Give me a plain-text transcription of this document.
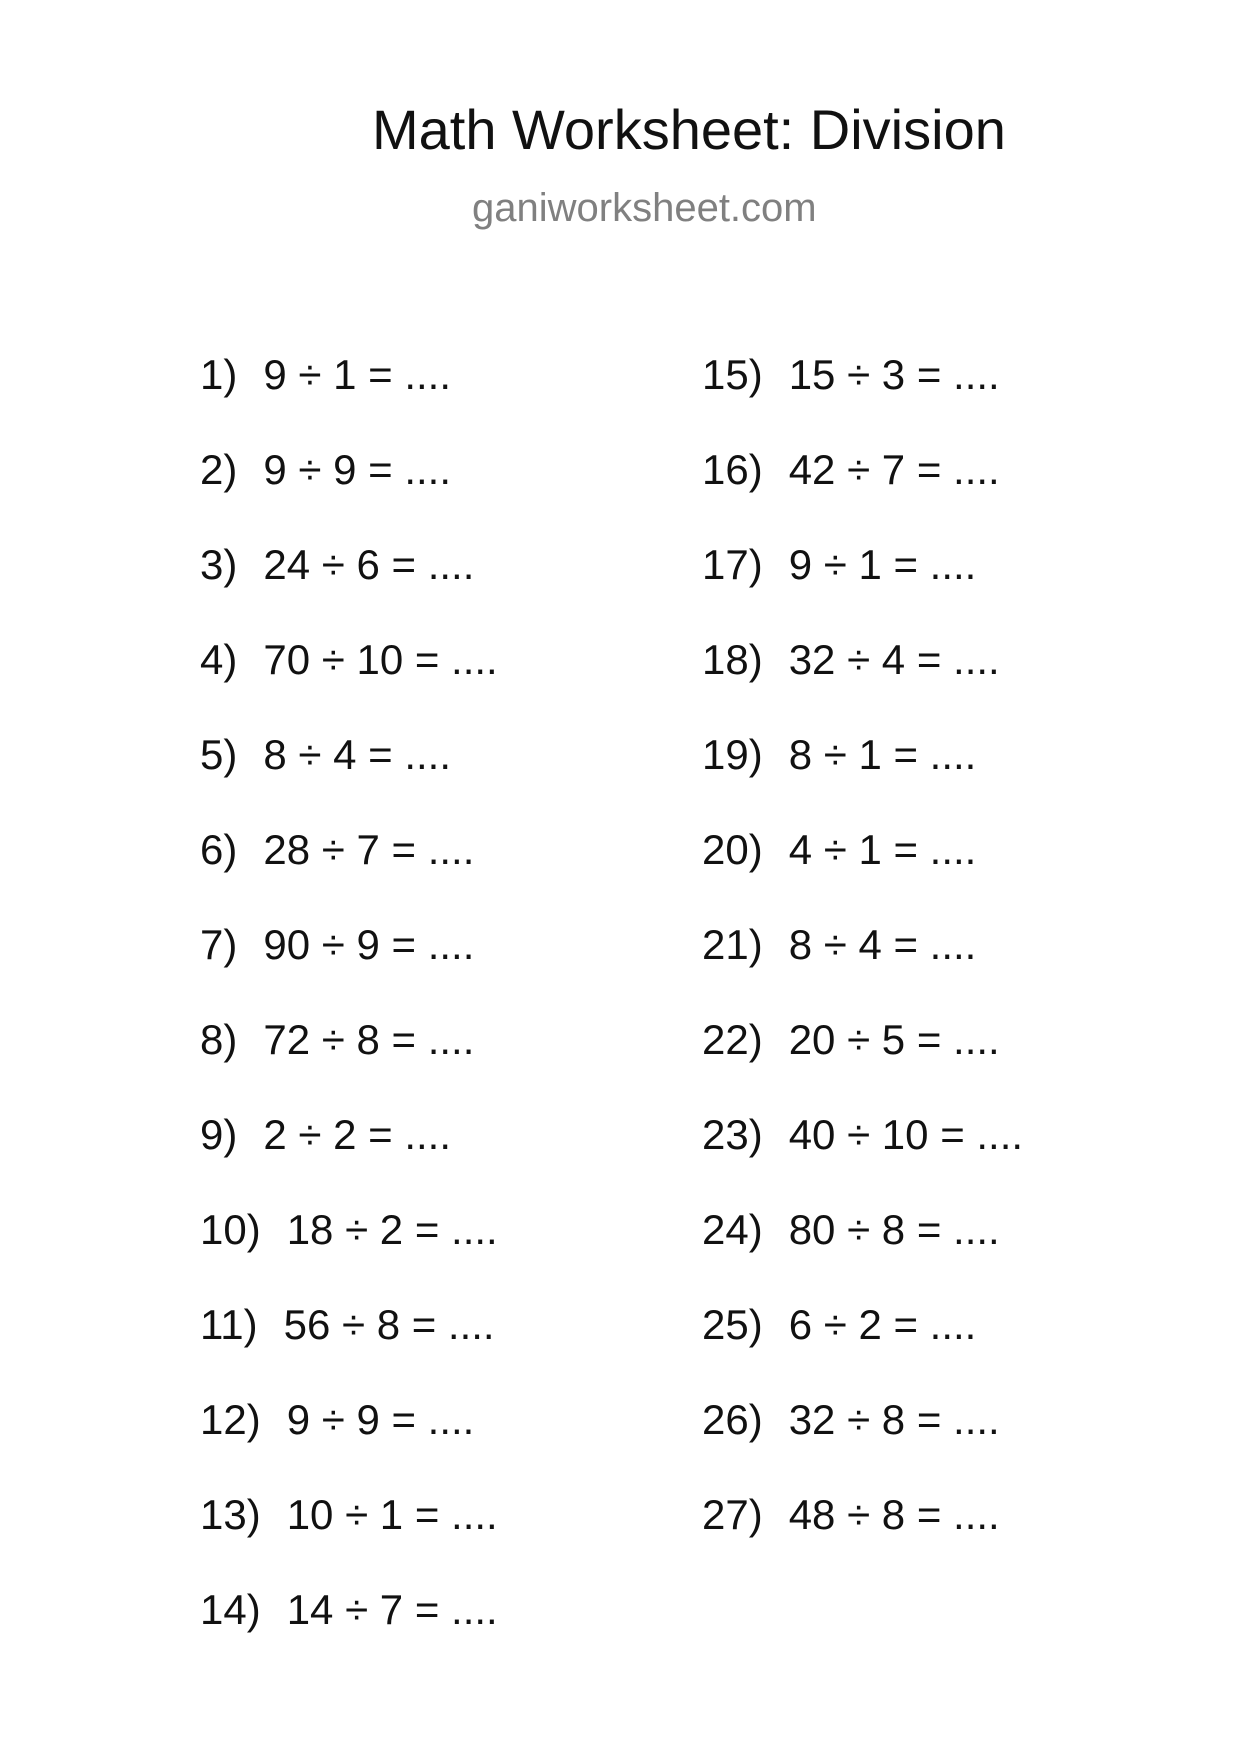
Math Worksheet: Division
ganiworksheet.com
1) 9 ÷ 1 = ....
2) 9 ÷ 9 = ....
3) 24 ÷ 6 = ....
4) 70 ÷ 10 = ....
5) 8 ÷ 4 = ....
6) 28 ÷ 7 = ....
7) 90 ÷ 9 = ....
8) 72 ÷ 8 = ....
9) 2 ÷ 2 = ....
10) 18 ÷ 2 = ....
11) 56 ÷ 8 = ....
12) 9 ÷ 9 = ....
13) 10 ÷ 1 = ....
14) 14 ÷ 7 = ....
15) 15 ÷ 3 = ....
16) 42 ÷ 7 = ....
17) 9 ÷ 1 = ....
18) 32 ÷ 4 = ....
19) 8 ÷ 1 = ....
20) 4 ÷ 1 = ....
21) 8 ÷ 4 = ....
22) 20 ÷ 5 = ....
23) 40 ÷ 10 = ....
24) 80 ÷ 8 = ....
25) 6 ÷ 2 = ....
26) 32 ÷ 8 = ....
27) 48 ÷ 8 = ....
